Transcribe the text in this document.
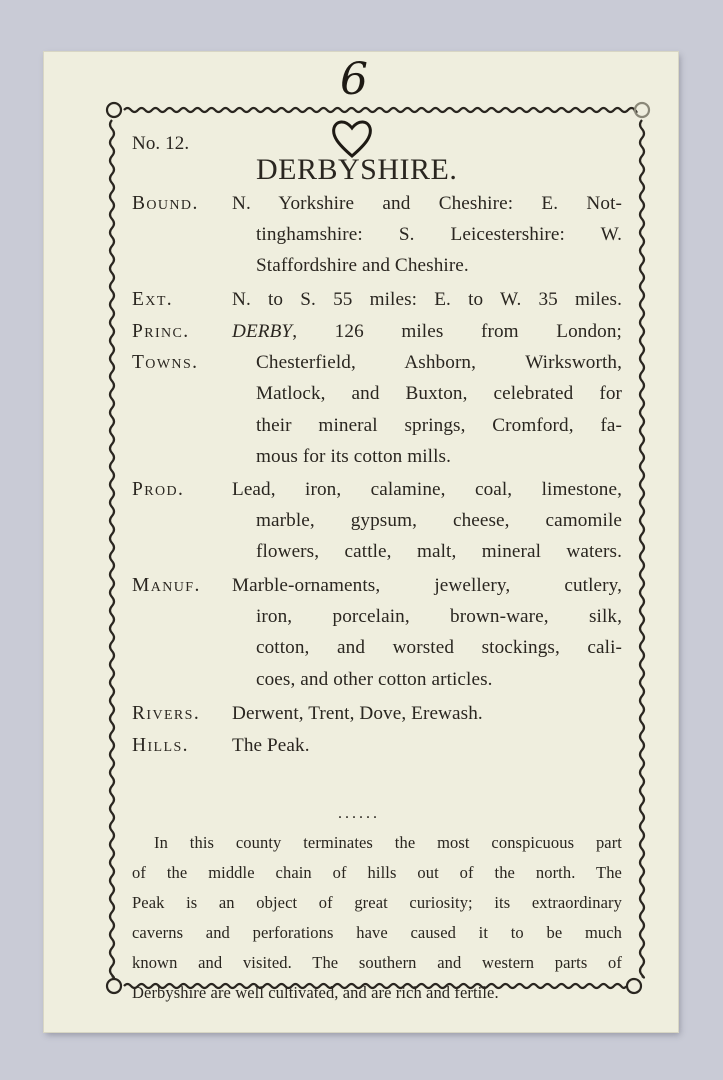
6
No. 12.
DERBYSHIRE.
Bound. N. Yorkshire and Cheshire: E. Not-
tinghamshire: S. Leicestershire: W.
Staffordshire and Cheshire.
Ext.	N. to S. 55 miles: E. to W. 35 miles.
Princ.
Towns.
DERBY, 126 miles from London;
Chesterfield, Ashborn, Wirksworth,
Matlock, and Buxton, celebrated for
their mineral springs, Cromford, fa-
mous for its cotton mills.
Prod. Lead, iron, calamine, coal, limestone,
marble, gypsum, cheese, camomile
flowers, cattle, malt, mineral waters.
Manuf. Marble-ornaments, jewellery, cutlery,
iron, porcelain, brown-ware, silk,
cotton, and worsted stockings, cali-
coes, and other cotton articles.
Rivers. Derwent, Trent, Dove, Erewash.
Hills. The Peak.
......
In this county terminates the most conspicuous part
of the middle chain of hills out of the north. The
Peak is an object of great curiosity; its extraordinary
caverns and perforations have caused it to be much
known and visited. The southern and western parts of
Derbyshire are well cultivated, and are rich and fertile.
